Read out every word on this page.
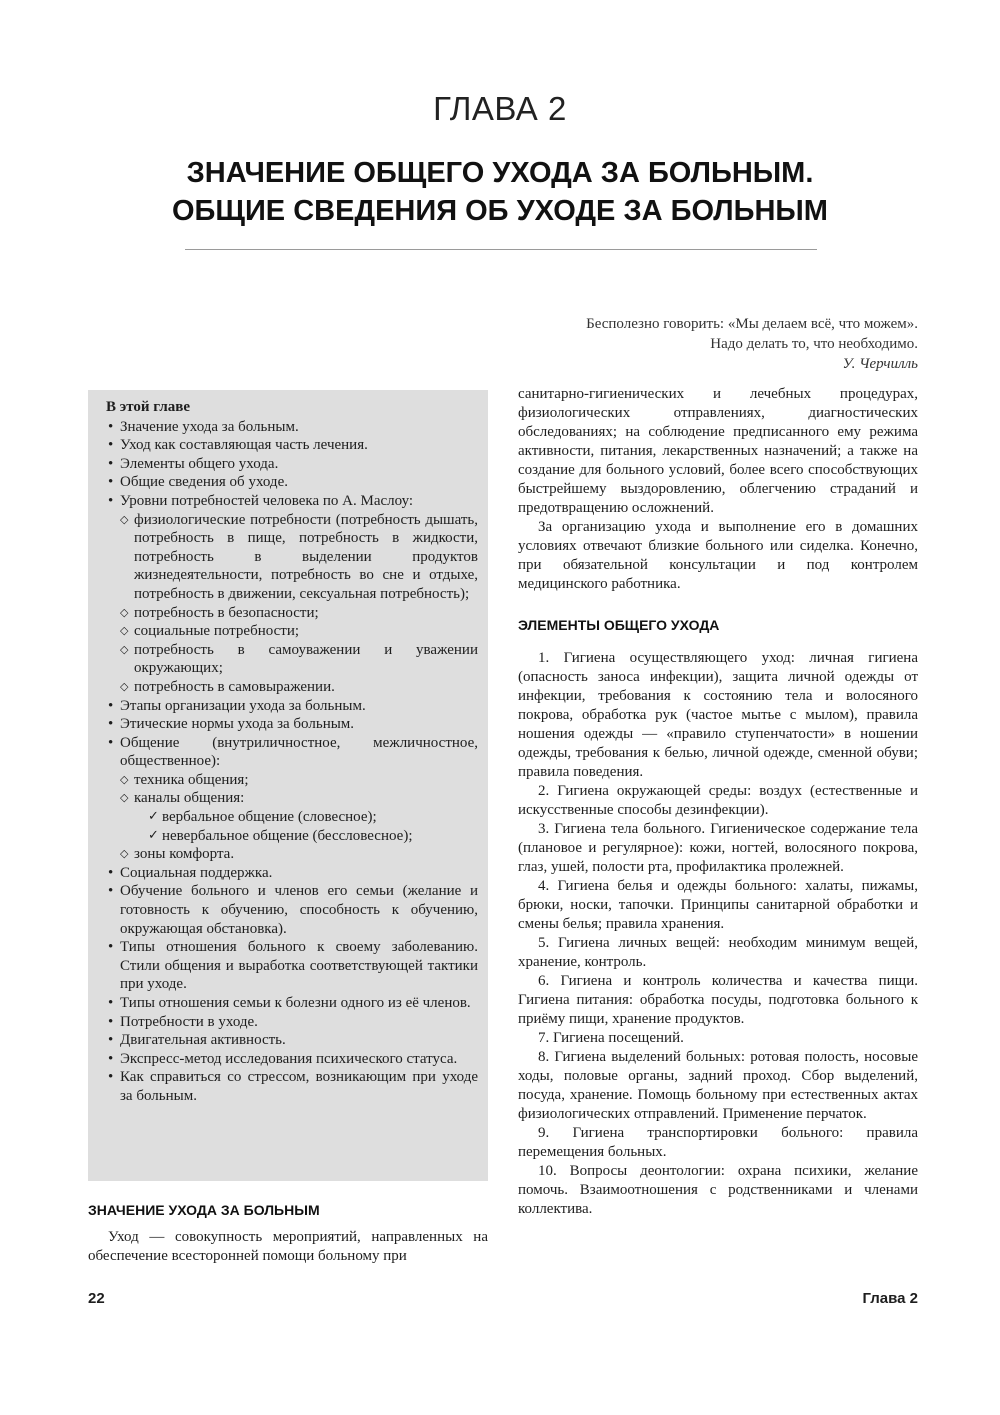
ГЛАВА 2
ЗНАЧЕНИЕ ОБЩЕГО УХОДА ЗА БОЛЬНЫМ.
ОБЩИЕ СВЕДЕНИЯ ОБ УХОДЕ ЗА БОЛЬНЫМ
Бесполезно говорить: «Мы делаем всё, что можем».
Надо делать то, что необходимо.
У. Черчилль
В этой главе
• Значение ухода за больным.
• Уход как составляющая часть лечения.
• Элементы общего ухода.
• Общие сведения об уходе.
• Уровни потребностей человека по А. Маслоу:
◇ физиологические потребности (потребность дышать, потребность в пище, потребность в жидкости, потребность в выделении продуктов жизнедеятельности, потребность во сне и отдыхе, потребность в движении, сексуальная потребность);
◇ потребность в безопасности;
◇ социальные потребности;
◇ потребность в самоуважении и уважении окружающих;
◇ потребность в самовыражении.
• Этапы организации ухода за больным.
• Этические нормы ухода за больным.
• Общение (внутриличностное, межличностное, общественное):
◇ техника общения;
◇ каналы общения:
✓ вербальное общение (словесное);
✓ невербальное общение (бессловесное);
◇ зоны комфорта.
• Социальная поддержка.
• Обучение больного и членов его семьи (желание и готовность к обучению, способность к обучению, окружающая обстановка).
• Типы отношения больного к своему заболеванию. Стили общения и выработка соответствующей тактики при уходе.
• Типы отношения семьи к болезни одного из её членов.
• Потребности в уходе.
• Двигательная активность.
• Экспресс-метод исследования психического статуса.
• Как справиться со стрессом, возникающим при уходе за больным.
ЗНАЧЕНИЕ УХОДА ЗА БОЛЬНЫМ
Уход — совокупность мероприятий, направленных на обеспечение всесторонней помощи больному при

санитарно-гигиенических и лечебных процедурах, физиологических отправлениях, диагностических обследованиях; на соблюдение предписанного ему режима активности, питания, лекарственных назначений; а также на создание для больного условий, более всего способствующих быстрейшему выздоровлению, облегчению страданий и предотвращению осложнений.

За организацию ухода и выполнение его в домашних условиях отвечают близкие больного или сиделка. Конечно, при обязательной консультации и под контролем медицинского работника.

ЭЛЕМЕНТЫ ОБЩЕГО УХОДА

1. Гигиена осуществляющего уход: личная гигиена (опасность заноса инфекции), защита личной одежды от инфекции, требования к состоянию тела и волосяного покрова, обработка рук (частое мытье с мылом), правила ношения одежды — «правило ступенчатости» в ношении одежды, требования к белью, личной одежде, сменной обуви; правила поведения.

2. Гигиена окружающей среды: воздух (естественные и искусственные способы дезинфекции).

3. Гигиена тела больного. Гигиеническое содержание тела (плановое и регулярное): кожи, ногтей, волосяного покрова, глаз, ушей, полости рта, профилактика пролежней.

4. Гигиена белья и одежды больного: халаты, пижамы, брюки, носки, тапочки. Принципы санитарной обработки и смены белья; правила хранения.

5. Гигиена личных вещей: необходим минимум вещей, хранение, контроль.

6. Гигиена и контроль количества и качества пищи. Гигиена питания: обработка посуды, подготовка больного к приёму пищи, хранение продуктов.

7. Гигиена посещений.

8. Гигиена выделений больных: ротовая полость, носовые ходы, половые органы, задний проход. Сбор выделений, посуда, хранение. Помощь больному при естественных актах физиологических отправлений. Применение перчаток.

9. Гигиена транспортировки больного: правила перемещения больных.

10. Вопросы деонтологии: охрана психики, желание помочь. Взаимоотношения с родственниками и членами коллектива.

22	Глава 2
